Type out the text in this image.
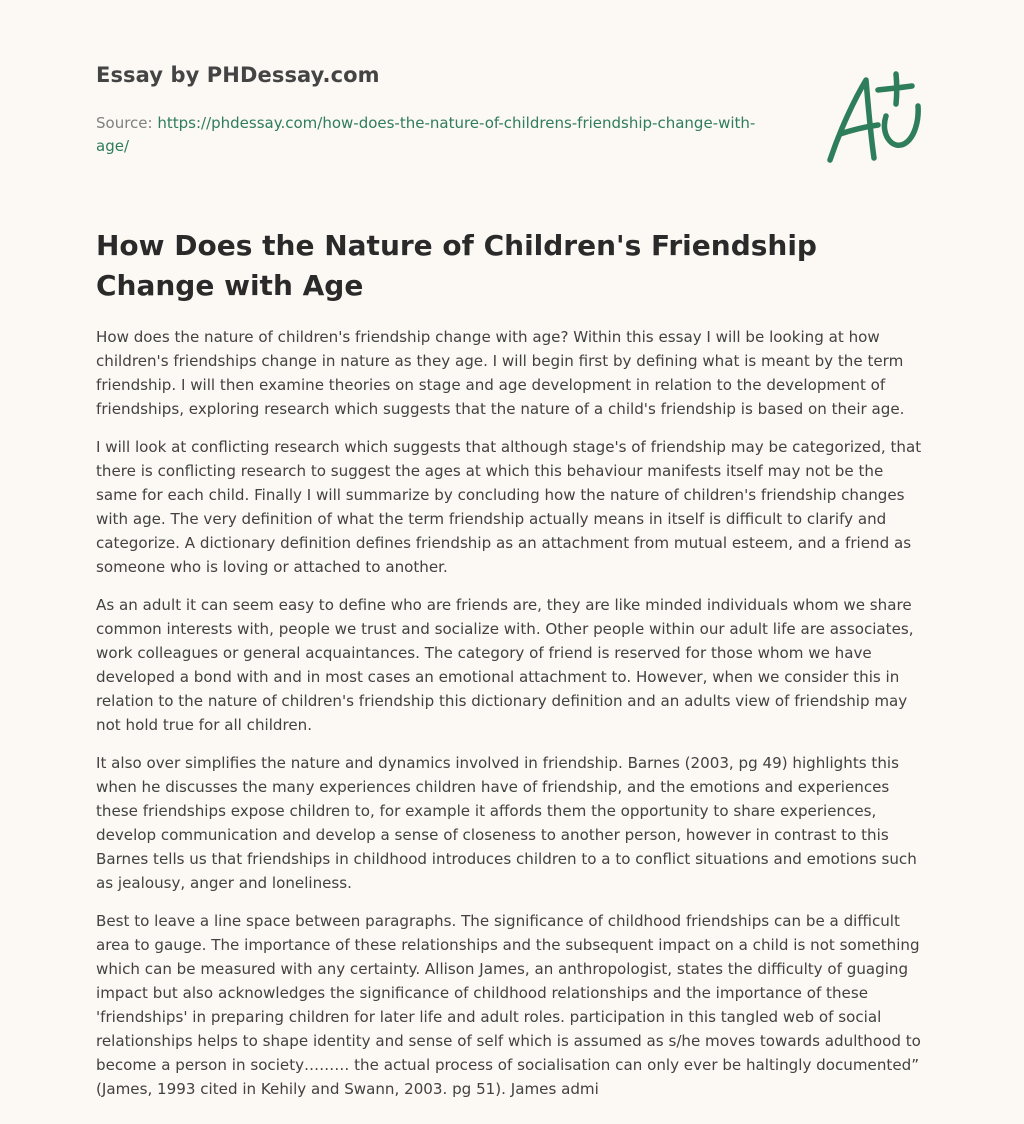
Essay by PHDessay.com
Source: https://phdessay.com/how-does-the-nature-of-childrens-friendship-change-with-age/
How Does the Nature of Children's Friendship Change with Age

How does the nature of children's friendship change with age? Within this essay I will be looking at how children's friendships change in nature as they age. I will begin first by defining what is meant by the term friendship. I will then examine theories on stage and age development in relation to the development of friendships, exploring research which suggests that the nature of a child's friendship is based on their age.

I will look at conflicting research which suggests that although stage's of friendship may be categorized, that there is conflicting research to suggest the ages at which this behaviour manifests itself may not be the same for each child. Finally I will summarize by concluding how the nature of children's friendship changes with age. The very definition of what the term friendship actually means in itself is difficult to clarify and categorize. A dictionary definition defines friendship as an attachment from mutual esteem, and a friend as someone who is loving or attached to another.

As an adult it can seem easy to define who are friends are, they are like minded individuals whom we share common interests with, people we trust and socialize with. Other people within our adult life are associates, work colleagues or general acquaintances. The category of friend is reserved for those whom we have developed a bond with and in most cases an emotional attachment to. However, when we consider this in relation to the nature of children's friendship this dictionary definition and an adults view of friendship may not hold true for all children.

It also over simplifies the nature and dynamics involved in friendship. Barnes (2003, pg 49) highlights this when he discusses the many experiences children have of friendship, and the emotions and experiences these friendships expose children to, for example it affords them the opportunity to share experiences, develop communication and develop a sense of closeness to another person, however in contrast to this Barnes tells us that friendships in childhood introduces children to a to conflict situations and emotions such as jealousy, anger and loneliness.

Best to leave a line space between paragraphs. The significance of childhood friendships can be a difficult area to gauge. The importance of these relationships and the subsequent impact on a child is not something which can be measured with any certainty. Allison James, an anthropologist, states the difficulty of guaging impact but also acknowledges the significance of childhood relationships and the importance of these 'friendships' in preparing children for later life and adult roles. participation in this tangled web of social relationships helps to shape identity and sense of self which is assumed as s/he moves towards adulthood to become a person in society……… the actual process of socialisation can only ever be haltingly documented” (James, 1993 cited in Kehily and Swann, 2003. pg 51). James admi
